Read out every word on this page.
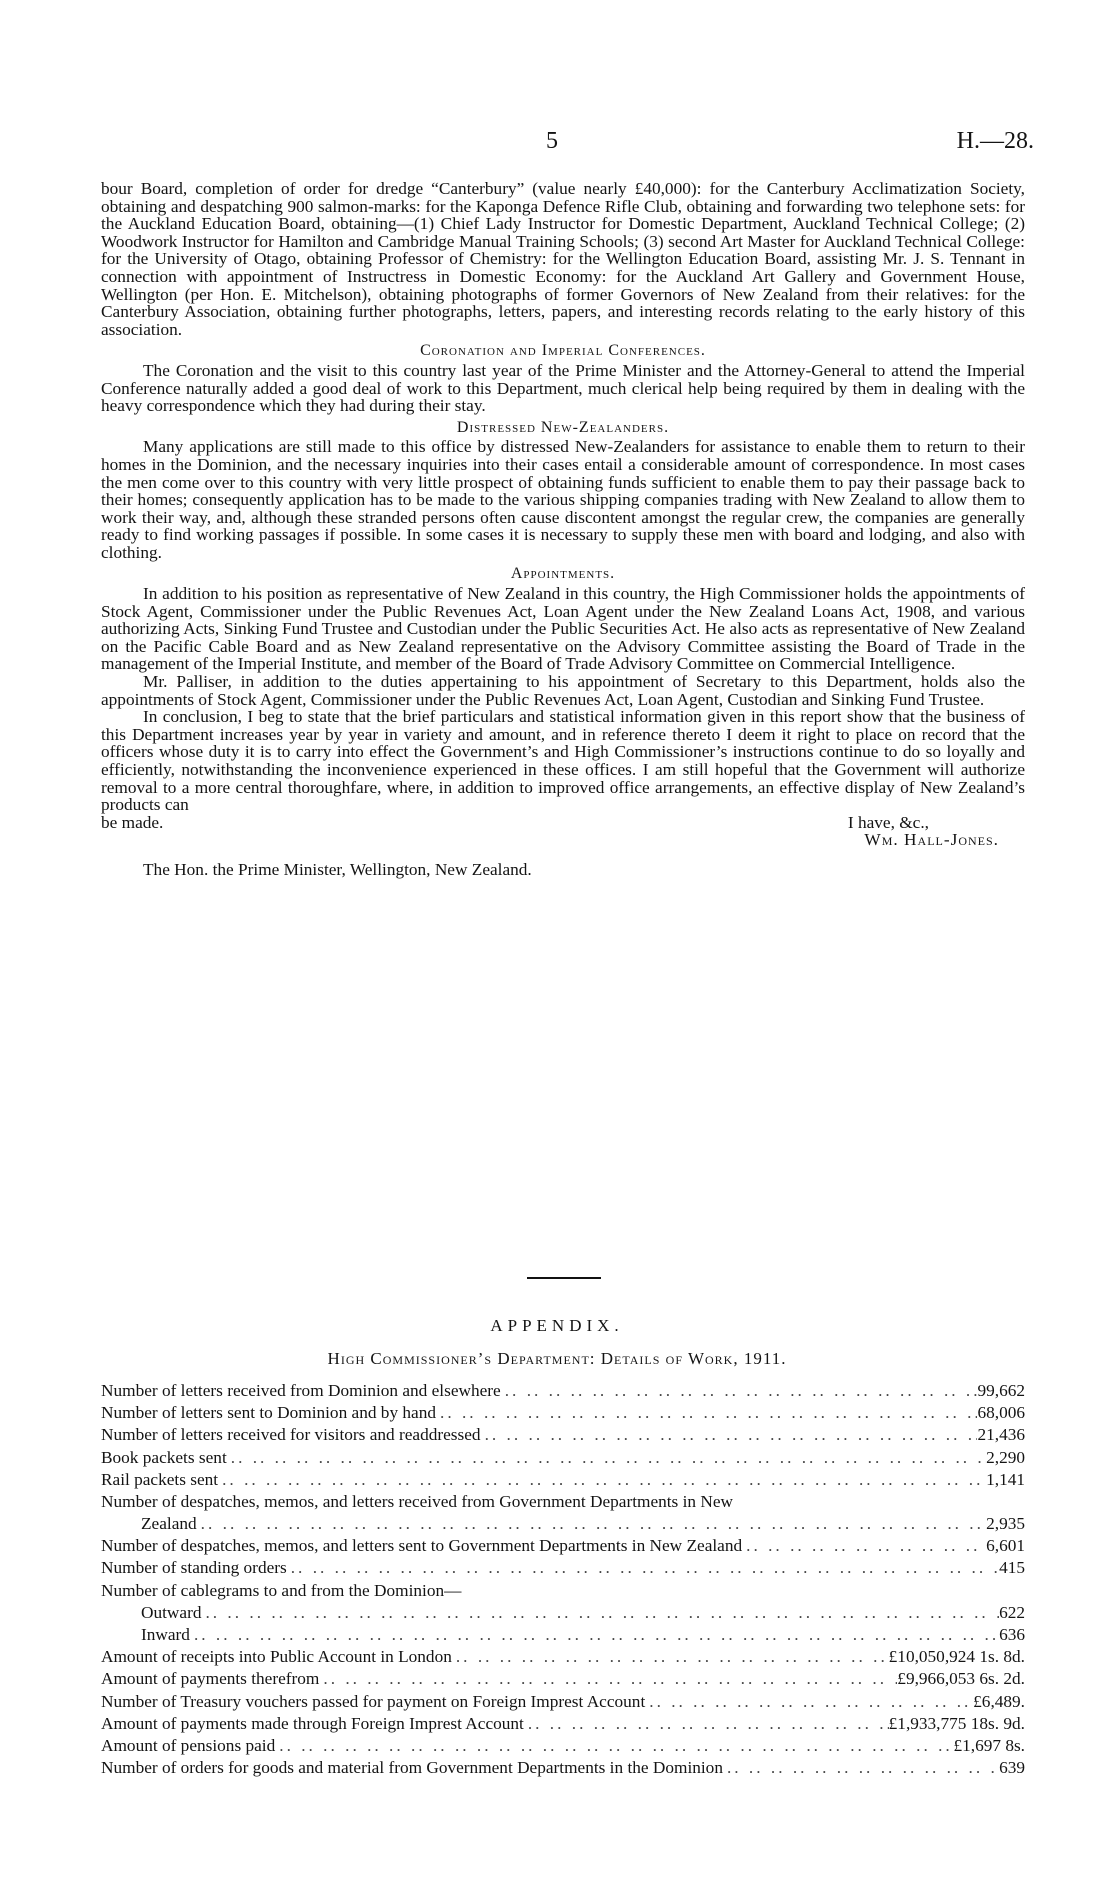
5	H.—28.

bour Board, completion of order for dredge “Canterbury” (value nearly £40,000): for the Canterbury Acclimatization Society, obtaining and despatching 900 salmon-marks: for the Kaponga Defence Rifle Club, obtaining and forwarding two telephone sets: for the Auckland Education Board, obtaining—(1) Chief Lady Instructor for Domestic Department, Auckland Technical College; (2) Woodwork Instructor for Hamilton and Cambridge Manual Training Schools; (3) second Art Master for Auckland Technical College: for the University of Otago, obtaining Professor of Chemistry: for the Wellington Education Board, assisting Mr. J. S. Tennant in connection with appointment of Instructress in Domestic Economy: for the Auckland Art Gallery and Government House, Wellington (per Hon. E. Mitchelson), obtaining photographs of former Governors of New Zealand from their relatives: for the Canterbury Association, obtaining further photographs, letters, papers, and interesting records relating to the early history of this association.

Coronation and Imperial Conferences.

The Coronation and the visit to this country last year of the Prime Minister and the Attorney-General to attend the Imperial Conference naturally added a good deal of work to this Department, much clerical help being required by them in dealing with the heavy correspondence which they had during their stay.

Distressed New-Zealanders.

Many applications are still made to this office by distressed New-Zealanders for assistance to enable them to return to their homes in the Dominion, and the necessary inquiries into their cases entail a considerable amount of correspondence. In most cases the men come over to this country with very little prospect of obtaining funds sufficient to enable them to pay their passage back to their homes; consequently application has to be made to the various shipping companies trading with New Zealand to allow them to work their way, and, although these stranded persons often cause discontent amongst the regular crew, the companies are generally ready to find working passages if possible. In some cases it is necessary to supply these men with board and lodging, and also with clothing.

Appointments.

In addition to his position as representative of New Zealand in this country, the High Commissioner holds the appointments of Stock Agent, Commissioner under the Public Revenues Act, Loan Agent under the New Zealand Loans Act, 1908, and various authorizing Acts, Sinking Fund Trustee and Custodian under the Public Securities Act. He also acts as representative of New Zealand on the Pacific Cable Board and as New Zealand representative on the Advisory Committee assisting the Board of Trade in the management of the Imperial Institute, and member of the Board of Trade Advisory Committee on Commercial Intelligence.

Mr. Palliser, in addition to the duties appertaining to his appointment of Secretary to this Department, holds also the appointments of Stock Agent, Commissioner under the Public Revenues Act, Loan Agent, Custodian and Sinking Fund Trustee.

In conclusion, I beg to state that the brief particulars and statistical information given in this report show that the business of this Department increases year by year in variety and amount, and in reference thereto I deem it right to place on record that the officers whose duty it is to carry into effect the Government’s and High Commissioner’s instructions continue to do so loyally and efficiently, notwithstanding the inconvenience experienced in these offices. I am still hopeful that the Government will authorize removal to a more central thoroughfare, where, in addition to improved office arrangements, an effective display of New Zealand’s products can

be made.	I have, &c.,

Wm. Hall-Jones.

The Hon. the Prime Minister, Wellington, New Zealand.

APPENDIX.
High Commissioner’s Department: Details of Work, 1911.
Number of letters received from Dominion and elsewhere .. ..	99,662
Number of letters sent to Dominion and by hand .. ..	68,006
Number of letters received for visitors and readdressed .. ..	21,436
Book packets sent .. ..	2,290
Rail packets sent .. ..	1,141
Number of despatches, memos, and letters received from Government Departments in New
Zealand .. ..	2,935
Number of despatches, memos, and letters sent to Government Departments in New Zealand .. ..	6,601
Number of standing orders .. ..	415
Number of cablegrams to and from the Dominion—
Outward .. ..	622
Inward .. ..	636
Amount of receipts into Public Account in London .. ..	£10,050,924 1s. 8d.
Amount of payments therefrom .. ..	£9,966,053 6s. 2d.
Number of Treasury vouchers passed for payment on Foreign Imprest Account .. ..	£6,489.
Amount of payments made through Foreign Imprest Account .. ..	£1,933,775 18s. 9d.
Amount of pensions paid .. ..	£1,697 8s.
Number of orders for goods and material from Government Departments in the Dominion .. ..	639
